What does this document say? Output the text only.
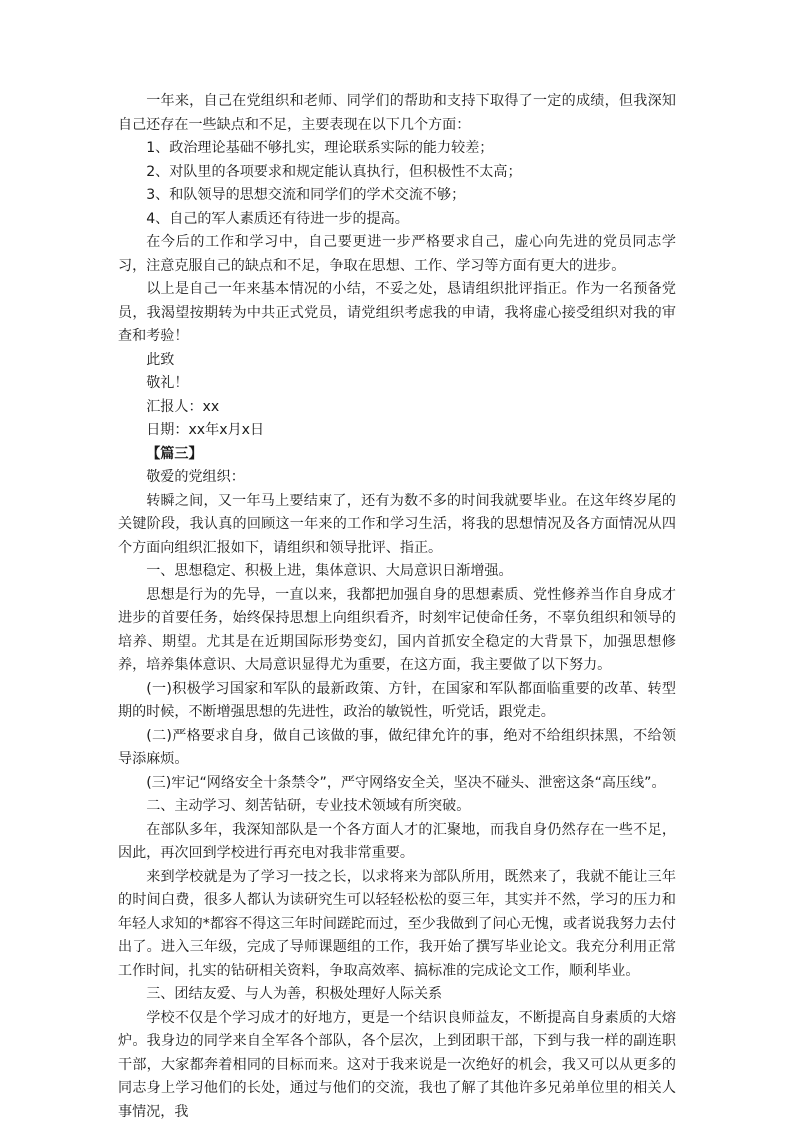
一年来，自己在党组织和老师、同学们的帮助和支持下取得了一定的成绩，但我深知自己还存在一些缺点和不足，主要表现在以下几个方面：

1、政治理论基础不够扎实，理论联系实际的能力较差；

2、对队里的各项要求和规定能认真执行，但积极性不太高；

3、和队领导的思想交流和同学们的学术交流不够；

4、自己的军人素质还有待进一步的提高。

在今后的工作和学习中，自己要更进一步严格要求自己，虚心向先进的党员同志学习，注意克服自己的缺点和不足，争取在思想、工作、学习等方面有更大的进步。

以上是自己一年来基本情况的小结，不妥之处，恳请组织批评指正。作为一名预备党员，我渴望按期转为中共正式党员，请党组织考虑我的申请，我将虚心接受组织对我的审查和考验！

此致

敬礼！

汇报人：xx

日期：xx年x月x日

【篇三】

敬爱的党组织：

转瞬之间，又一年马上要结束了，还有为数不多的时间我就要毕业。在这年终岁尾的关键阶段，我认真的回顾这一年来的工作和学习生活，将我的思想情况及各方面情况从四个方面向组织汇报如下，请组织和领导批评、指正。

一、思想稳定、积极上进，集体意识、大局意识日渐增强。

思想是行为的先导，一直以来，我都把加强自身的思想素质、党性修养当作自身成才进步的首要任务，始终保持思想上向组织看齐，时刻牢记使命任务，不辜负组织和领导的培养、期望。尤其是在近期国际形势变幻，国内首抓安全稳定的大背景下，加强思想修养，培养集体意识、大局意识显得尤为重要，在这方面，我主要做了以下努力。

(一)积极学习国家和军队的最新政策、方针，在国家和军队都面临重要的改革、转型期的时候，不断增强思想的先进性，政治的敏锐性，听党话，跟党走。

(二)严格要求自身，做自己该做的事，做纪律允许的事，绝对不给组织抹黑，不给领导添麻烦。

(三)牢记“网络安全十条禁令”，严守网络安全关，坚决不碰头、泄密这条“高压线”。

二、主动学习、刻苦钻研，专业技术领域有所突破。

在部队多年，我深知部队是一个各方面人才的汇聚地，而我自身仍然存在一些不足，因此，再次回到学校进行再充电对我非常重要。

来到学校就是为了学习一技之长，以求将来为部队所用，既然来了，我就不能让三年的时间白费，很多人都认为读研究生可以轻轻松松的耍三年，其实并不然，学习的压力和年轻人求知的*都容不得这三年时间蹉跎而过，至少我做到了问心无愧，或者说我努力去付出了。进入三年级，完成了导师课题组的工作，我开始了撰写毕业论文。我充分利用正常工作时间，扎实的钻研相关资料，争取高效率、搞标准的完成论文工作，顺利毕业。

三、团结友爱、与人为善，积极处理好人际关系

学校不仅是个学习成才的好地方，更是一个结识良师益友，不断提高自身素质的大熔炉。我身边的同学来自全军各个部队，各个层次，上到团职干部，下到与我一样的副连职干部，大家都奔着相同的目标而来。这对于我来说是一次绝好的机会，我又可以从更多的同志身上学习他们的长处，通过与他们的交流，我也了解了其他许多兄弟单位里的相关人事情况，我
